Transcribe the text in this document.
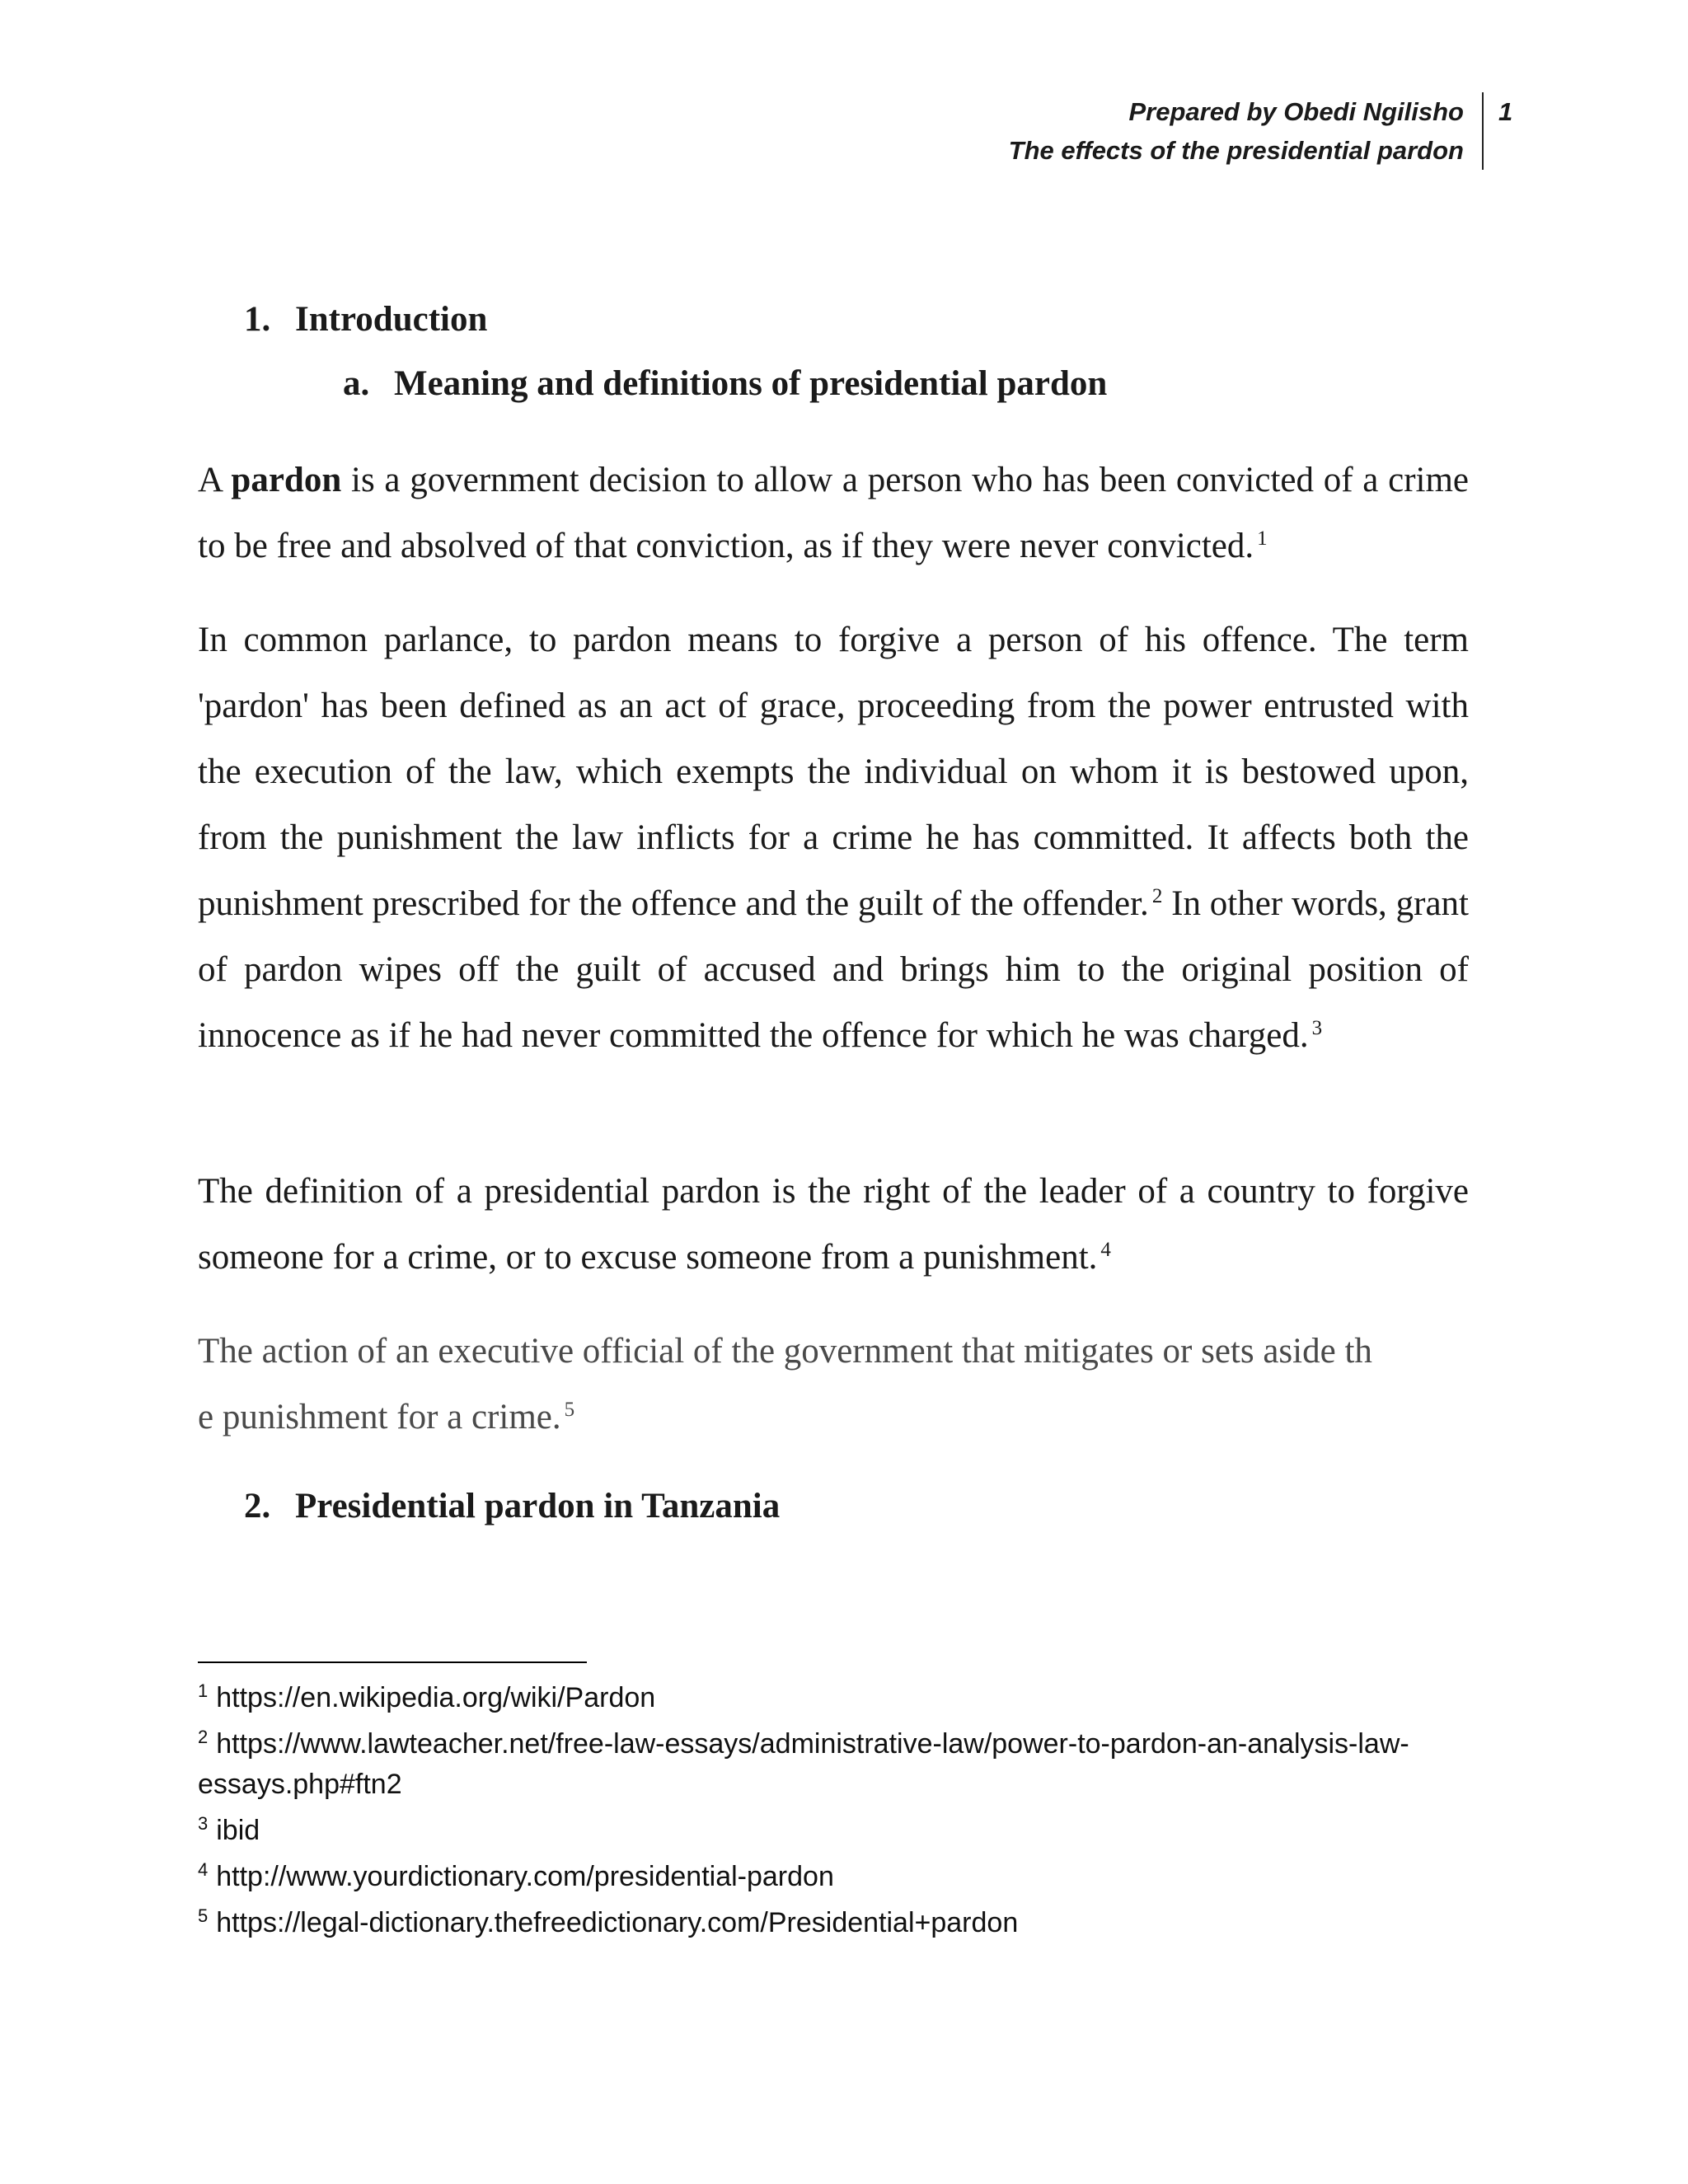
Prepared by Obedi Ngilisho
The effects of the presidential pardon
1
1. Introduction
a. Meaning and definitions of presidential pardon

A pardon is a government decision to allow a person who has been convicted of a crime to be free and absolved of that conviction, as if they were never convicted. $^1$

In common parlance, to pardon means to forgive a person of his offence. The term 'pardon' has been defined as an act of grace, proceeding from the power entrusted with the execution of the law, which exempts the individual on whom it is bestowed upon, from the punishment the law inflicts for a crime he has committed. It affects both the punishment prescribed for the offence and the guilt of the offender. $^2$ In other words, grant of pardon wipes off the guilt of accused and brings him to the original position of innocence as if he had never committed the offence for which he was charged. $^3$

The definition of a presidential pardon is the right of the leader of a country to forgive someone for a crime, or to excuse someone from a punishment. $^4$

The action of an executive official of the government that mitigates or sets aside th
e punishment for a crime. $^5$

2. Presidential pardon in Tanzania
$^1$ https://en.wikipedia.org/wiki/Pardon
$^2$ https://www.lawteacher.net/free-law-essays/administrative-law/power-to-pardon-an-analysis-law-essays.php#ftn2
$^3$ ibid
$^4$ http://www.yourdictionary.com/presidential-pardon
$^5$ https://legal-dictionary.thefreedictionary.com/Presidential+pardon
